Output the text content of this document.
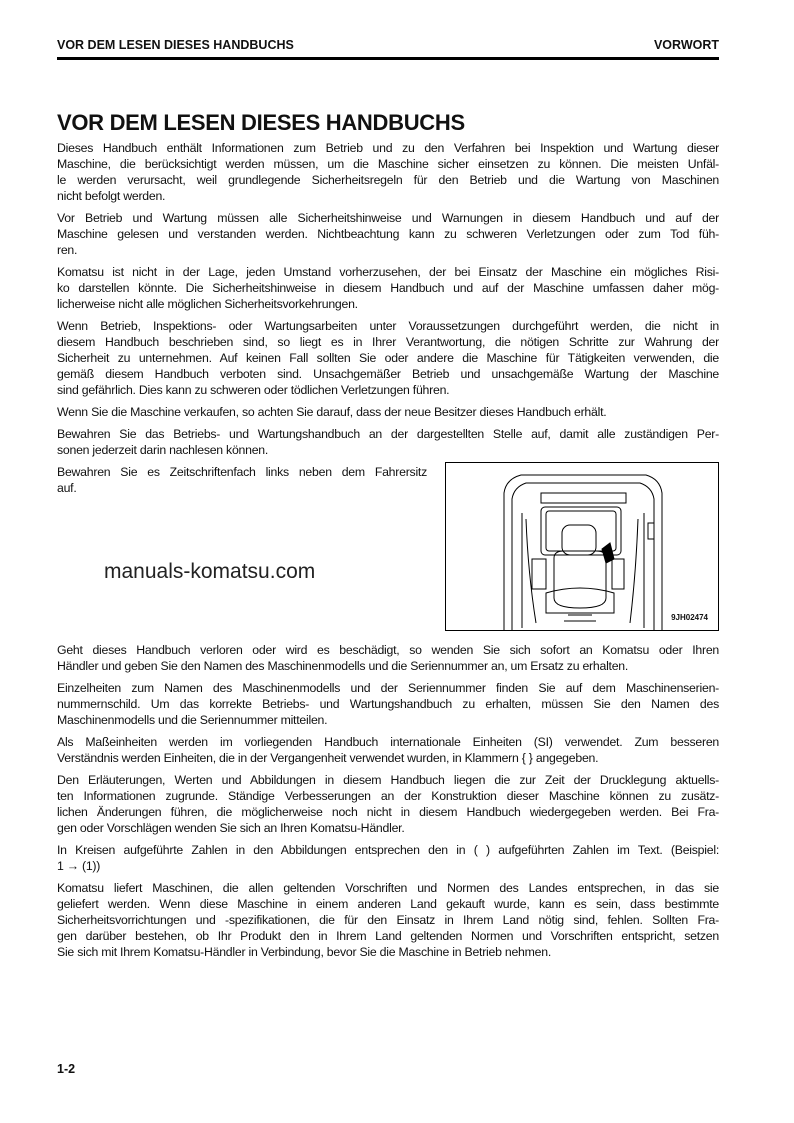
VOR DEM LESEN DIESES HANDBUCHS	VORWORT
VOR DEM LESEN DIESES HANDBUCHS
Dieses Handbuch enthält Informationen zum Betrieb und zu den Verfahren bei Inspektion und Wartung dieser
Maschine, die berücksichtigt werden müssen, um die Maschine sicher einsetzen zu können. Die meisten Unfäl-
le werden verursacht, weil grundlegende Sicherheitsregeln für den Betrieb und die Wartung von Maschinen
nicht befolgt werden.
Vor Betrieb und Wartung müssen alle Sicherheitshinweise und Warnungen in diesem Handbuch und auf der
Maschine gelesen und verstanden werden. Nichtbeachtung kann zu schweren Verletzungen oder zum Tod füh-
ren.
Komatsu ist nicht in der Lage, jeden Umstand vorherzusehen, der bei Einsatz der Maschine ein mögliches Risi-
ko darstellen könnte. Die Sicherheitshinweise in diesem Handbuch und auf der Maschine umfassen daher mög-
licherweise nicht alle möglichen Sicherheitsvorkehrungen.
Wenn Betrieb, Inspektions- oder Wartungsarbeiten unter Voraussetzungen durchgeführt werden, die nicht in
diesem Handbuch beschrieben sind, so liegt es in Ihrer Verantwortung, die nötigen Schritte zur Wahrung der
Sicherheit zu unternehmen. Auf keinen Fall sollten Sie oder andere die Maschine für Tätigkeiten verwenden, die
gemäß diesem Handbuch verboten sind. Unsachgemäßer Betrieb und unsachgemäße Wartung der Maschine
sind gefährlich. Dies kann zu schweren oder tödlichen Verletzungen führen.
Wenn Sie die Maschine verkaufen, so achten Sie darauf, dass der neue Besitzer dieses Handbuch erhält.
Bewahren Sie das Betriebs- und Wartungshandbuch an der dargestellten Stelle auf, damit alle zuständigen Per-
sonen jederzeit darin nachlesen können.
Bewahren Sie es Zeitschriftenfach links neben dem Fahrersitz
auf.
9JH02474
Geht dieses Handbuch verloren oder wird es beschädigt, so wenden Sie sich sofort an Komatsu oder Ihren
Händler und geben Sie den Namen des Maschinenmodells und die Seriennummer an, um Ersatz zu erhalten.
Einzelheiten zum Namen des Maschinenmodells und der Seriennummer finden Sie auf dem Maschinenserien-
nummernschild. Um das korrekte Betriebs- und Wartungshandbuch zu erhalten, müssen Sie den Namen des
Maschinenmodells und die Seriennummer mitteilen.
Als Maßeinheiten werden im vorliegenden Handbuch internationale Einheiten (SI) verwendet. Zum besseren
Verständnis werden Einheiten, die in der Vergangenheit verwendet wurden, in Klammern { } angegeben.
Den Erläuterungen, Werten und Abbildungen in diesem Handbuch liegen die zur Zeit der Drucklegung aktuells-
ten Informationen zugrunde. Ständige Verbesserungen an der Konstruktion dieser Maschine können zu zusätz-
lichen Änderungen führen, die möglicherweise noch nicht in diesem Handbuch wiedergegeben werden. Bei Fra-
gen oder Vorschlägen wenden Sie sich an Ihren Komatsu-Händler.
In Kreisen aufgeführte Zahlen in den Abbildungen entsprechen den in ( ) aufgeführten Zahlen im Text. (Beispiel:
1 → (1))
Komatsu liefert Maschinen, die allen geltenden Vorschriften und Normen des Landes entsprechen, in das sie
geliefert werden. Wenn diese Maschine in einem anderen Land gekauft wurde, kann es sein, dass bestimmte
Sicherheitsvorrichtungen und -spezifikationen, die für den Einsatz in Ihrem Land nötig sind, fehlen. Sollten Fra-
gen darüber bestehen, ob Ihr Produkt den in Ihrem Land geltenden Normen und Vorschriften entspricht, setzen
Sie sich mit Ihrem Komatsu-Händler in Verbindung, bevor Sie die Maschine in Betrieb nehmen.
manuals-komatsu.com
1-2
